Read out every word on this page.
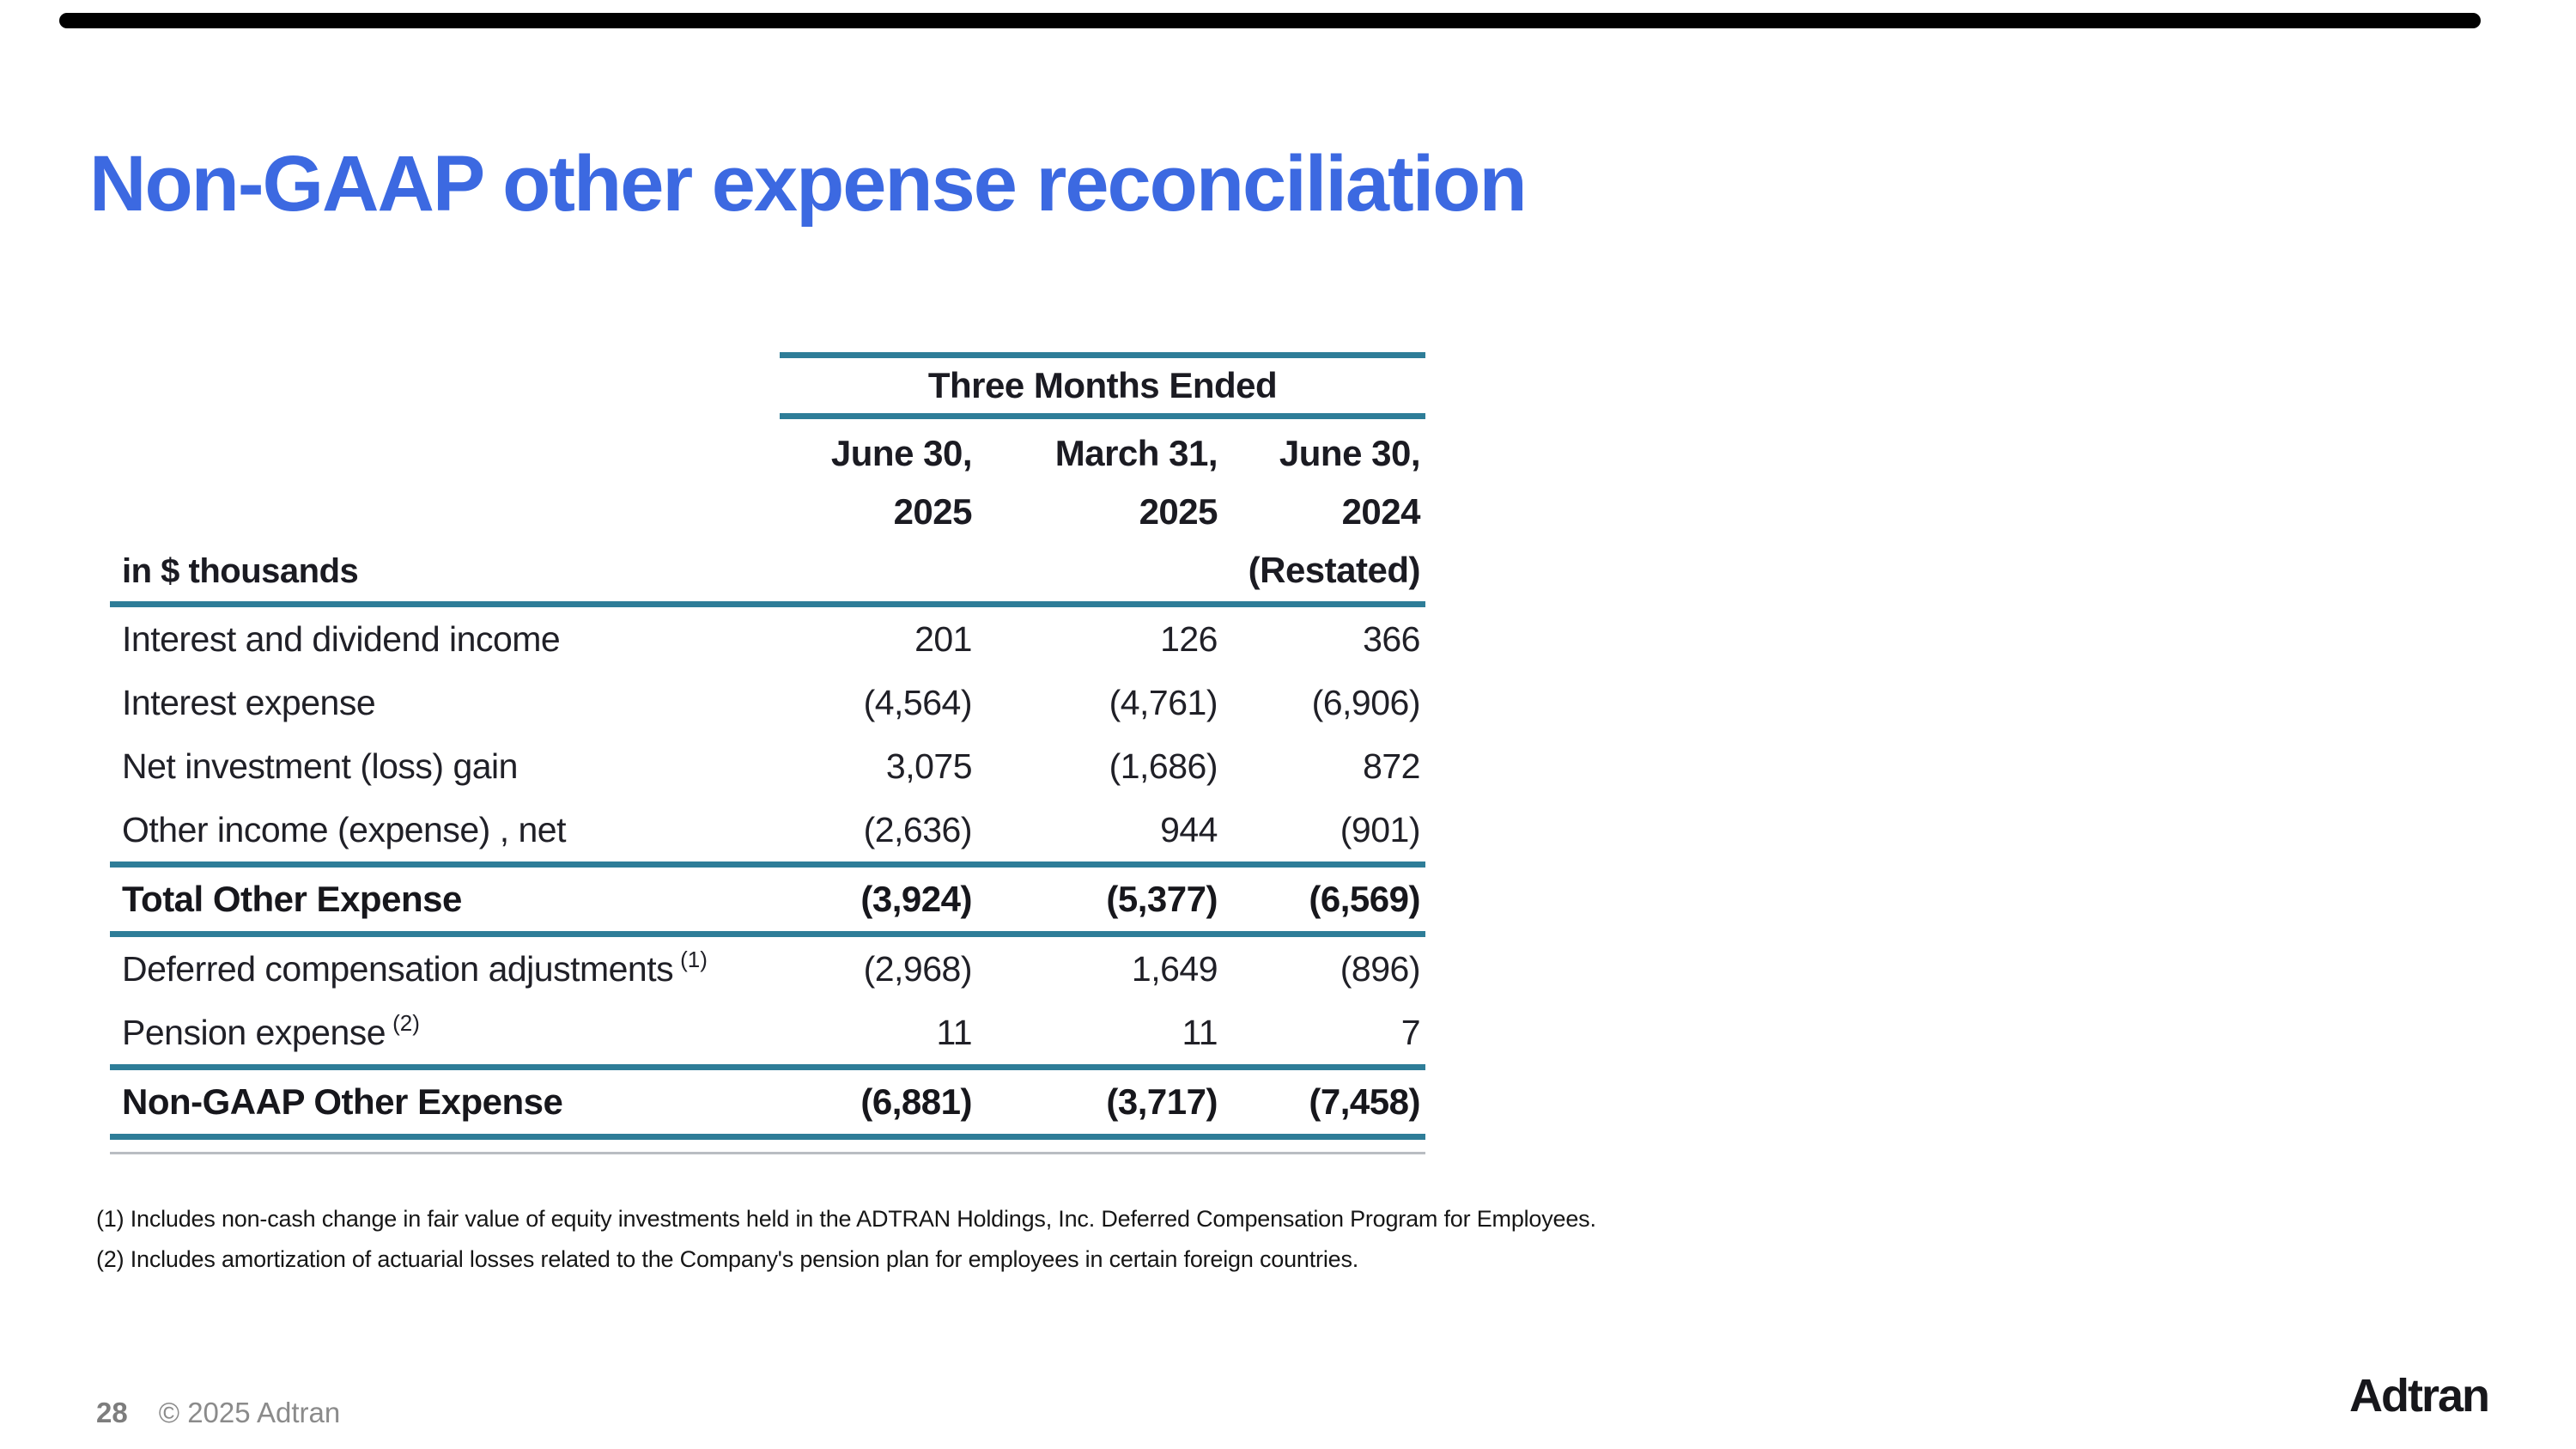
Non-GAAP other expense reconciliation
Three Months Ended
in $ thousands
June 30,
2025

March 31,
2025

June 30,
2024
(Restated)
Interest and dividend income	201	126	366
Interest expense	(4,564)	(4,761)	(6,906)
Net investment (loss) gain	3,075	(1,686)	872
Other income (expense) , net	(2,636)	944	(901)
Total Other Expense	(3,924)	(5,377)	(6,569)
Deferred compensation adjustments $^{(1)}$	(2,968)	1,649	(896)
Pension expense $^{(2)}$	11	11	7
Non-GAAP Other Expense	(6,881)	(3,717)	(7,458)
(1) Includes non-cash change in fair value of equity investments held in the ADTRAN Holdings, Inc. Deferred Compensation Program for Employees.
(2) Includes amortization of actuarial losses related to the Company's pension plan for employees in certain foreign countries.
28 © 2025 Adtran	Adtran
